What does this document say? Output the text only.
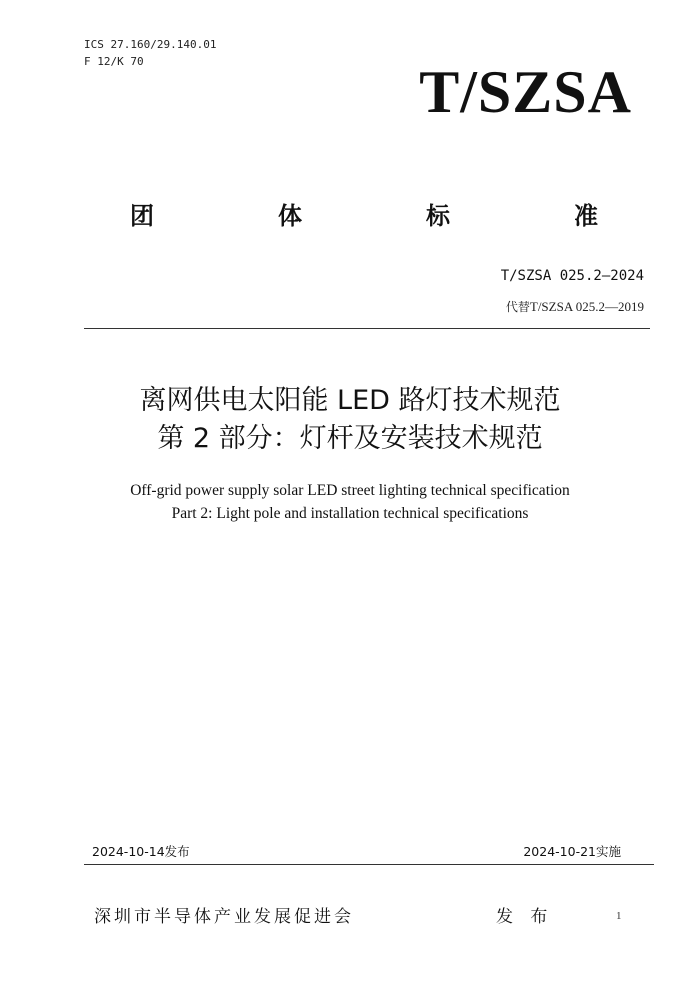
ICS 27.160/29.140.01
F 12/K 70	T/SZSA
团	体	标	准
T/SZSA 025.2—2024
代替T/SZSA 025.2—2019
离网供电太阳能 LED 路灯技术规范
第 2 部分：灯杆及安装技术规范
Off-grid power supply solar LED street lighting technical specification
Part 2: Light pole and installation technical specifications
2024-10-14发布	2024-10-21实施
深圳市半导体产业发展促进会	发 布	1
